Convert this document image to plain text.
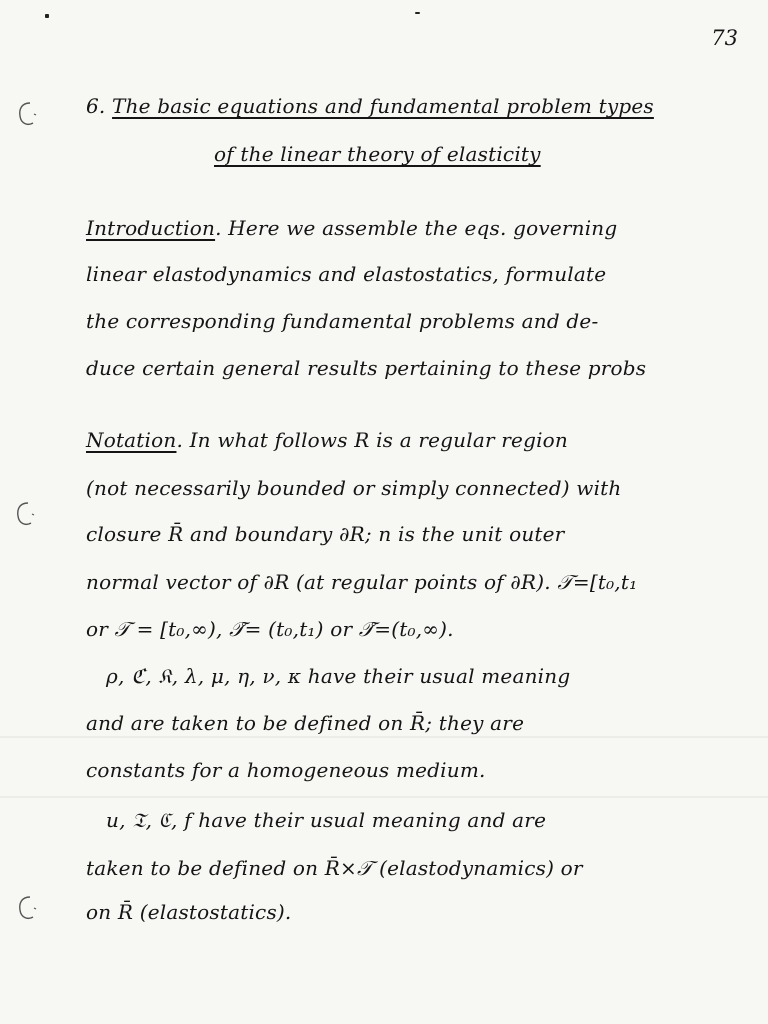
73
6. The basic equations and fundamental problem types
of the linear theory of elasticity
Introduction. Here we assemble the eqs. governing
linear elastodynamics and elastostatics, formulate
the corresponding fundamental problems and de-
duce certain general results pertaining to these probs
Notation. In what follows R is a regular region
(not necessarily bounded or simply connected) with
closure R̄ and boundary ∂R; n is the unit outer
normal vector of ∂R (at regular points of ∂R). 𝒯=[t₀,t₁
or 𝒯 = [t₀,∞), 𝒯̊= (t₀,t₁) or 𝒯̊=(t₀,∞).
ρ, ℭ, 𝔎, λ, μ, η, ν, κ have their usual meaning
and are taken to be defined on R̄; they are
constants for a homogeneous medium.
u, 𝔗, ℭ, f have their usual meaning and are
taken to be defined on R̄×𝒯 (elastodynamics) or
on R̄ (elastostatics).
